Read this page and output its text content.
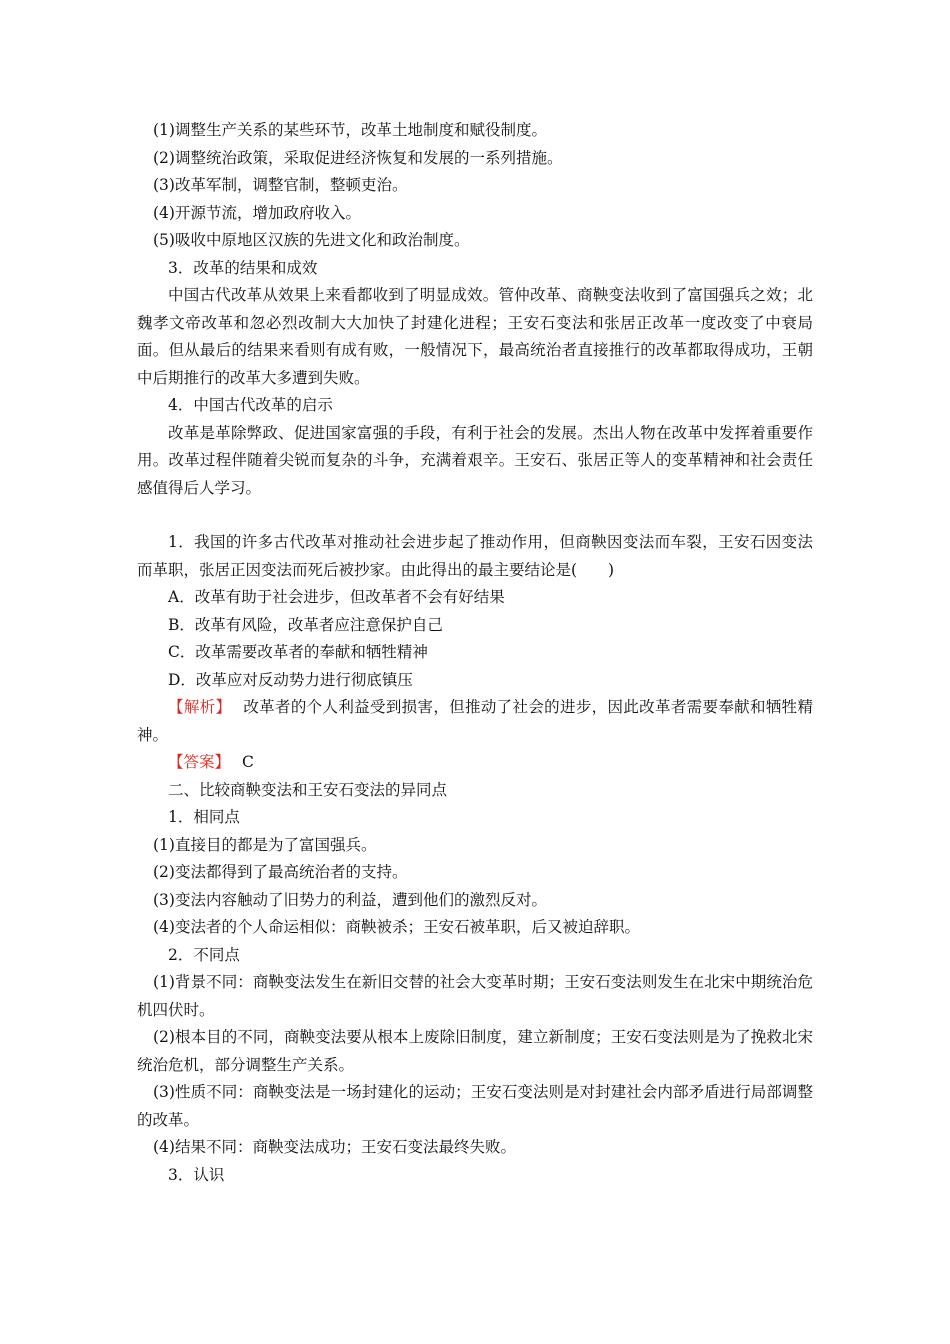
(1)调整生产关系的某些环节，改革土地制度和赋役制度。
(2)调整统治政策，采取促进经济恢复和发展的一系列措施。
(3)改革军制，调整官制，整顿吏治。
(4)开源节流，增加政府收入。
(5)吸收中原地区汉族的先进文化和政治制度。
3．改革的结果和成效
中国古代改革从效果上来看都收到了明显成效。管仲改革、商鞅变法收到了富国强兵之效；北魏孝文帝改革和忽必烈改制大大加快了封建化进程；王安石变法和张居正改革一度改变了中衰局面。但从最后的结果来看则有成有败，一般情况下，最高统治者直接推行的改革都取得成功，王朝中后期推行的改革大多遭到失败。
4．中国古代改革的启示
改革是革除弊政、促进国家富强的手段，有利于社会的发展。杰出人物在改革中发挥着重要作用。改革过程伴随着尖锐而复杂的斗争，充满着艰辛。王安石、张居正等人的变革精神和社会责任感值得后人学习。
1．我国的许多古代改革对推动社会进步起了推动作用，但商鞅因变法而车裂，王安石因变法而革职，张居正因变法而死后被抄家。由此得出的最主要结论是(　　)
A．改革有助于社会进步，但改革者不会有好结果
B．改革有风险，改革者应注意保护自己
C．改革需要改革者的奉献和牺牲精神
D．改革应对反动势力进行彻底镇压
【解析】 改革者的个人利益受到损害，但推动了社会的进步，因此改革者需要奉献和牺牲精神。
【答案】 C
二、比较商鞅变法和王安石变法的异同点
1．相同点
(1)直接目的都是为了富国强兵。
(2)变法都得到了最高统治者的支持。
(3)变法内容触动了旧势力的利益，遭到他们的激烈反对。
(4)变法者的个人命运相似：商鞅被杀；王安石被革职，后又被迫辞职。
2．不同点
(1)背景不同：商鞅变法发生在新旧交替的社会大变革时期；王安石变法则发生在北宋中期统治危机四伏时。
(2)根本目的不同，商鞅变法要从根本上废除旧制度，建立新制度；王安石变法则是为了挽救北宋统治危机，部分调整生产关系。
(3)性质不同：商鞅变法是一场封建化的运动；王安石变法则是对封建社会内部矛盾进行局部调整的改革。
(4)结果不同：商鞅变法成功；王安石变法最终失败。
3．认识
